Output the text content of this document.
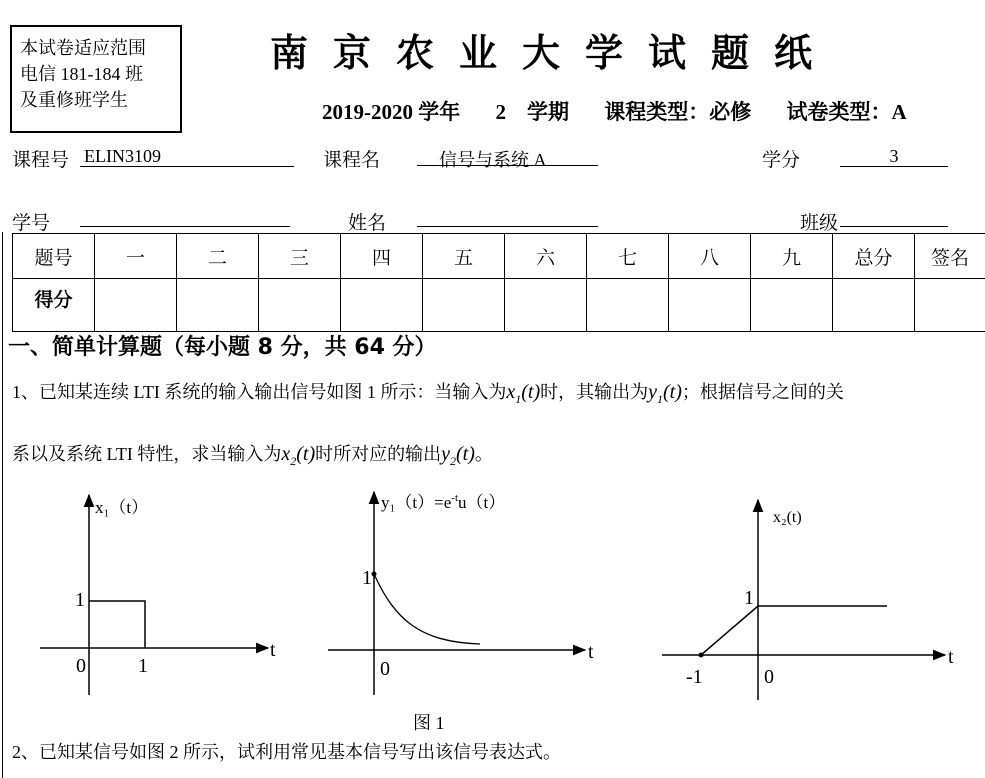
本试卷适应范围
电信 181-184 班
及重修班学生
南京农业大学试题纸
2019-2020 学年 2　学期 课程类型：必修 试卷类型：A
课程号 ELIN3109	课程名	信号与系统 A	学分	3
学号	姓名	班级
题号	一	二	三	四	五	六	七	八	九	总分	签名
得分											
一、简单计算题（每小题 8 分，共 64 分）
1、已知某连续 LTI 系统的输入输出信号如图 1 所示：当输入为$x_1(t)$时，其输出为$y_1(t)$；根据信号之间的关
系以及系统 LTI 特性，求当输入为$x_2(t)$时所对应的输出$y_2(t)$。
x₁（t）
t
1
0	1
$y_1(t)=e^{-t}u(t)$
t
1
0
x₂(t)
t
1
-1	0
图 1
2、已知某信号如图 2 所示，试利用常见基本信号写出该信号表达式。
